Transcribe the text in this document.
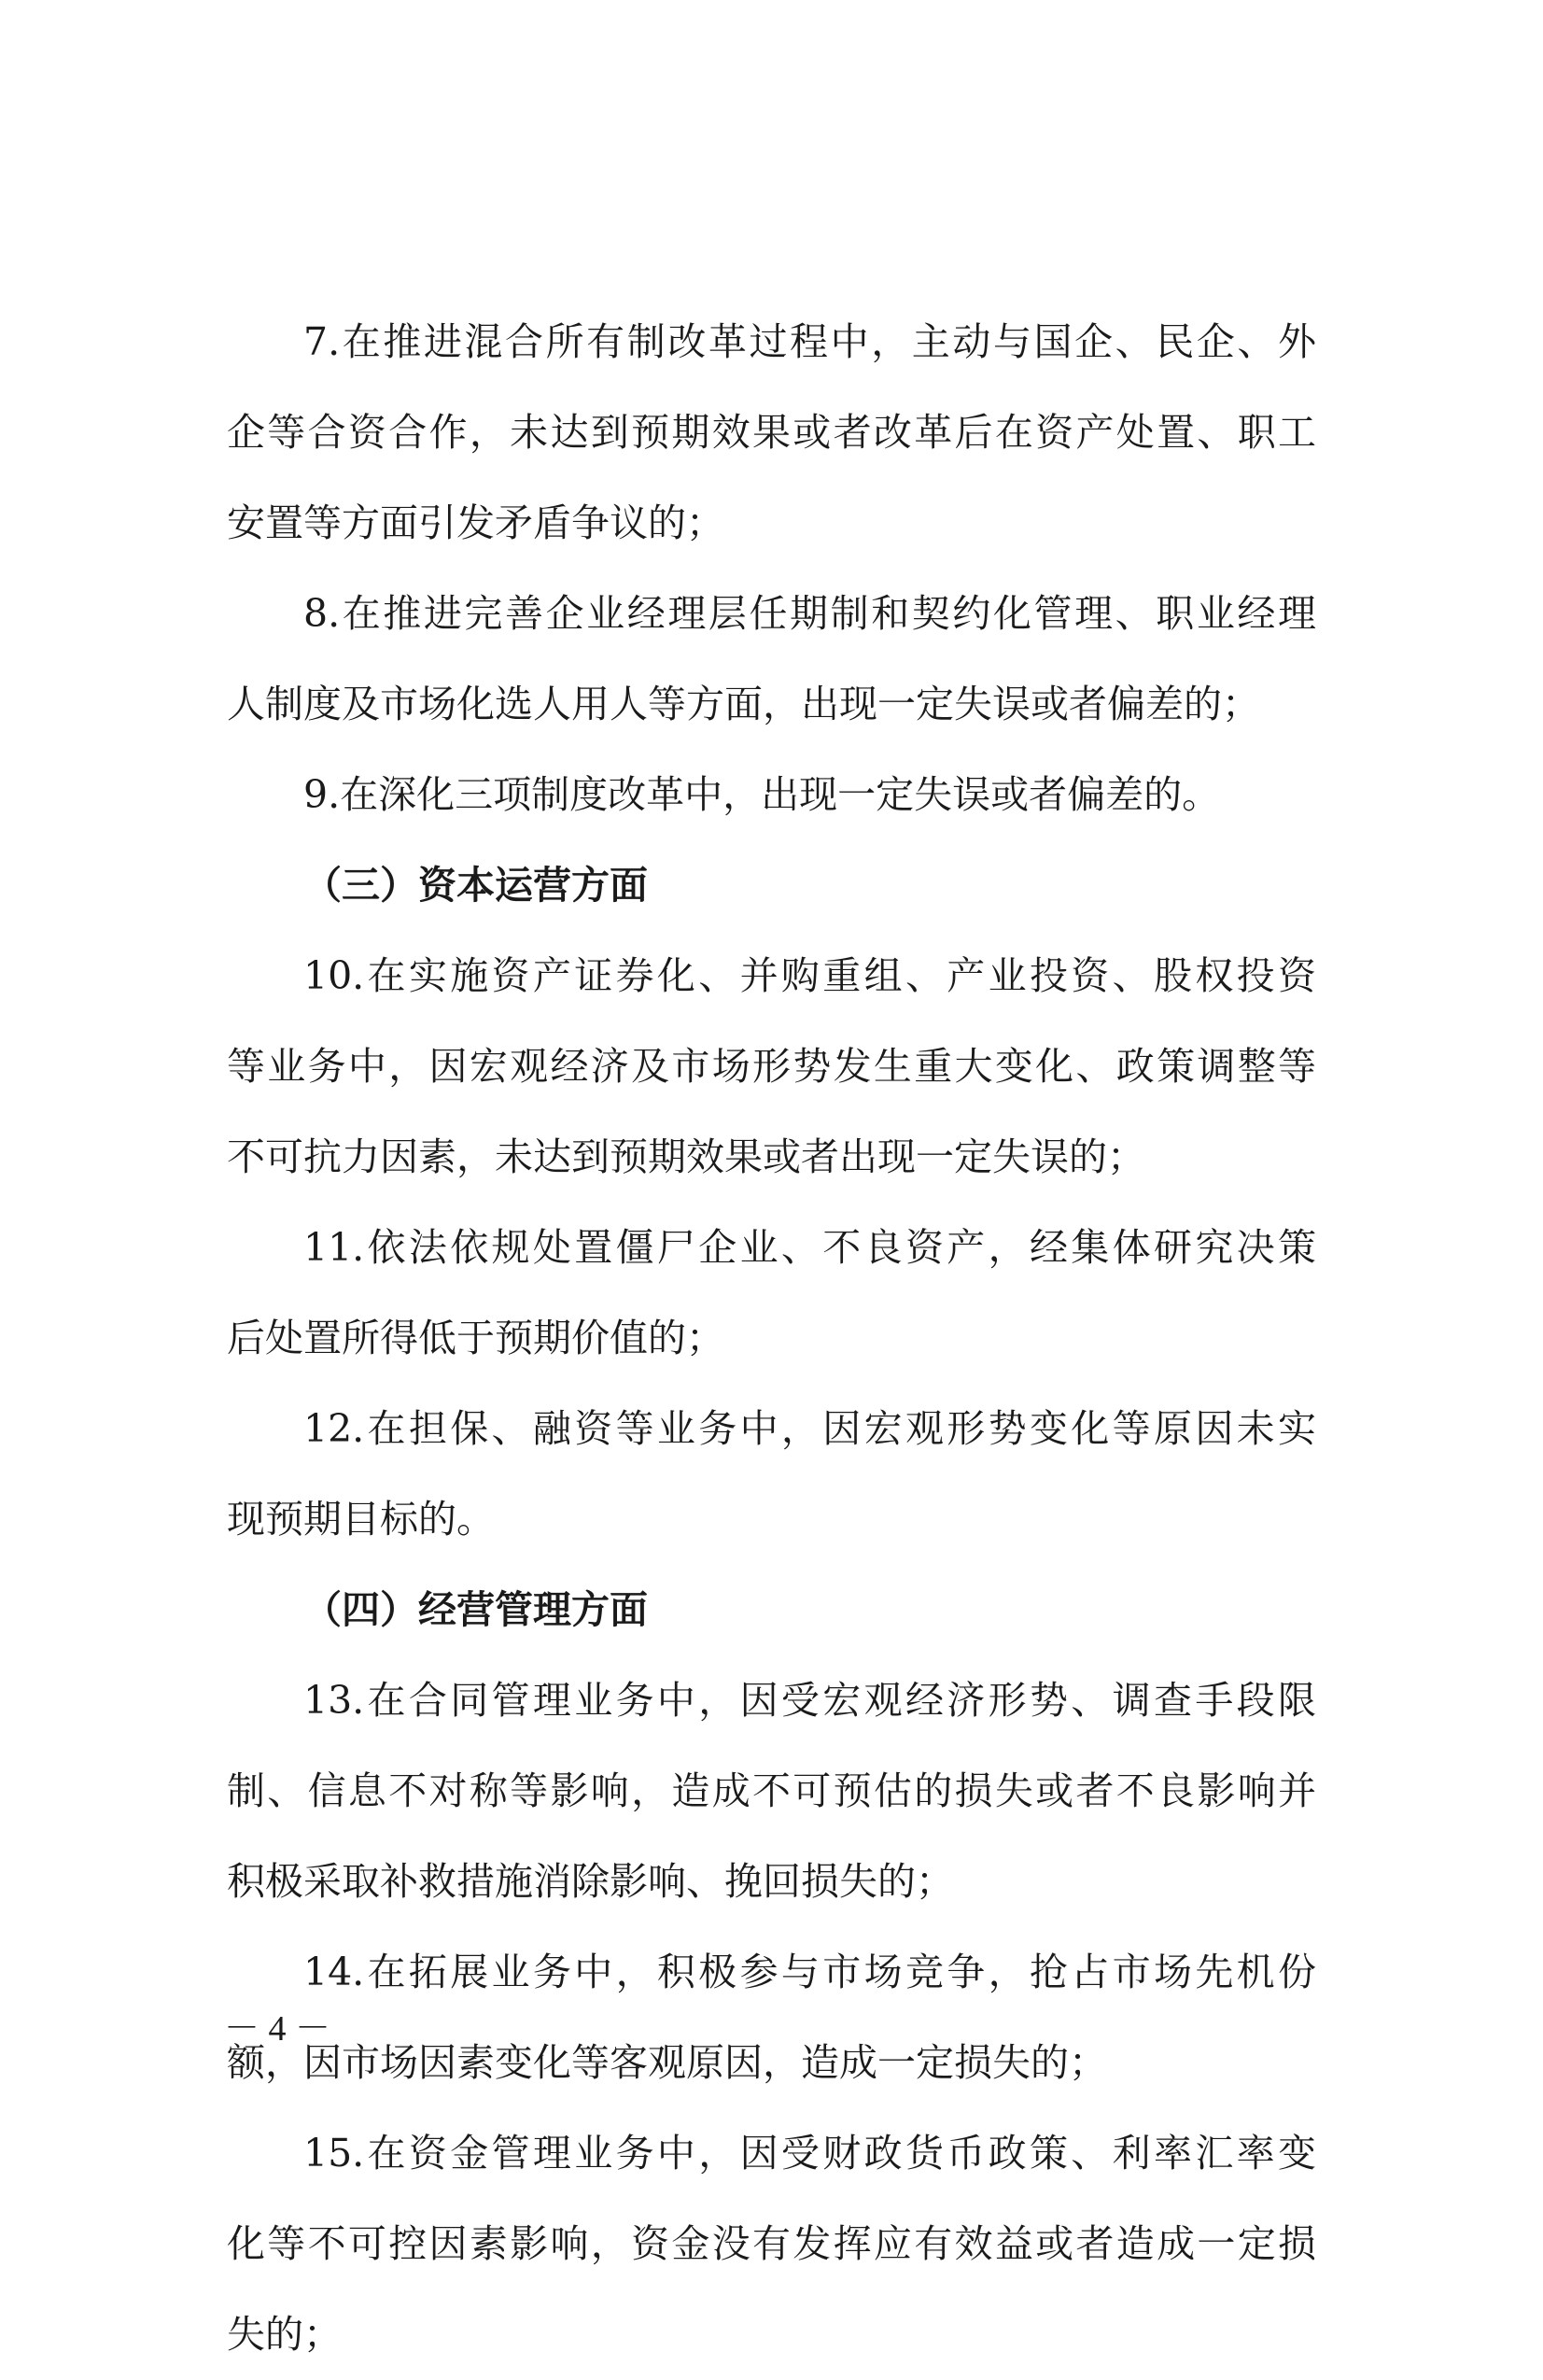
7.在推进混合所有制改革过程中，主动与国企、民企、外
企等合资合作，未达到预期效果或者改革后在资产处置、职工
安置等方面引发矛盾争议的；
8.在推进完善企业经理层任期制和契约化管理、职业经理
人制度及市场化选人用人等方面，出现一定失误或者偏差的；
9.在深化三项制度改革中，出现一定失误或者偏差的。
（三）资本运营方面
10.在实施资产证券化、并购重组、产业投资、股权投资
等业务中，因宏观经济及市场形势发生重大变化、政策调整等
不可抗力因素，未达到预期效果或者出现一定失误的；
11.依法依规处置僵尸企业、不良资产，经集体研究决策
后处置所得低于预期价值的；
12.在担保、融资等业务中，因宏观形势变化等原因未实
现预期目标的。
（四）经营管理方面
13.在合同管理业务中，因受宏观经济形势、调查手段限
制、信息不对称等影响，造成不可预估的损失或者不良影响并
积极采取补救措施消除影响、挽回损失的；
14.在拓展业务中，积极参与市场竞争，抢占市场先机份
额，因市场因素变化等客观原因，造成一定损失的；
15.在资金管理业务中，因受财政货币政策、利率汇率变
化等不可控因素影响，资金没有发挥应有效益或者造成一定损
失的；
－ 4 －
